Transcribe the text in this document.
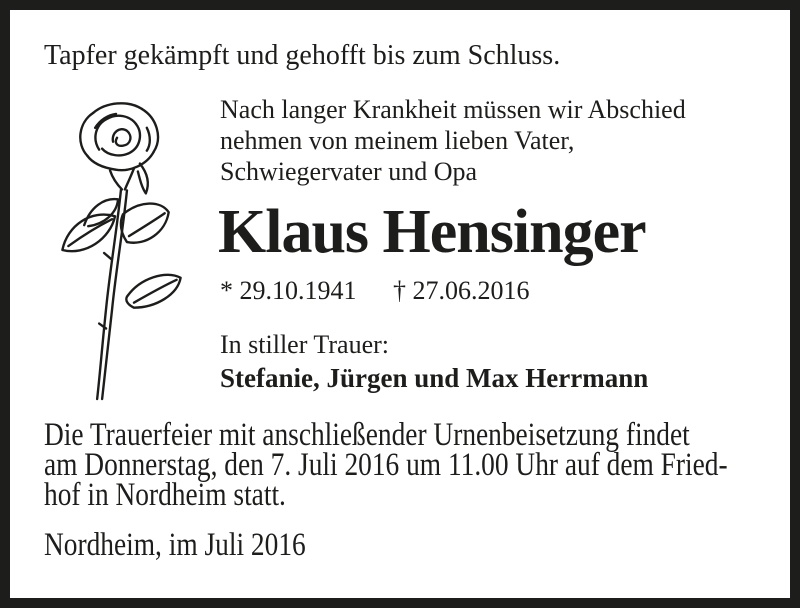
Tapfer gekämpft und gehofft bis zum Schluss.
Nach langer Krankheit müssen wir Abschied
nehmen von meinem lieben Vater,
Schwiegervater und Opa
Klaus Hensinger
* 29.10.1941 † 27.06.2016
In stiller Trauer:
Stefanie, Jürgen und Max Herrmann
Die Trauerfeier mit anschließender Urnenbeisetzung findet
am Donnerstag, den 7. Juli 2016 um 11.00 Uhr auf dem Fried-
hof in Nordheim statt.
Nordheim, im Juli 2016
